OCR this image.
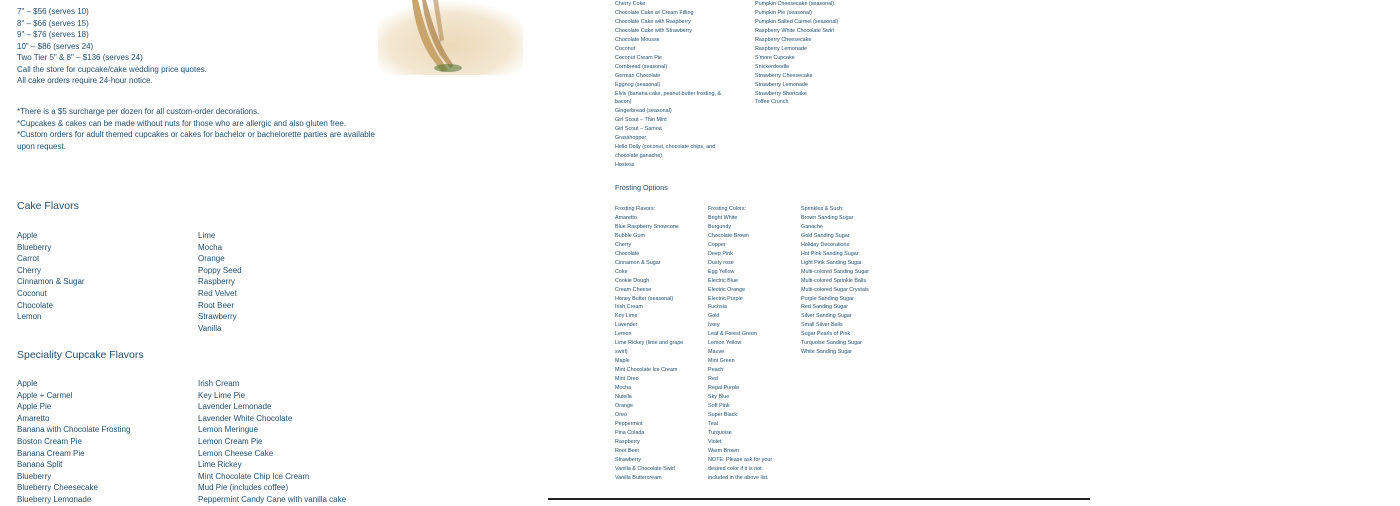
7" – $56 (serves 10)
8" – $66 (serves 15)
9" – $76 (serves 18)
10" – $86 (serves 24)
Two Tier 5" & 8" – $136 (serves 24)
Call the store for cupcake/cake wedding price quotes.
All cake orders require 24-hour notice.

*There is a $5 surcharge per dozen for all custom-order decorations.

*Cupcakes & cakes can be made without nuts for those who are allergic and also gluten free.

*Custom orders for adult themed cupcakes or cakes for bachelor or bachelorette parties are available upon request.

Cake Flavors
Apple
Blueberry
Carrot
Cherry
Cinnamon & Sugar
Coconut
Chocolate
Lemon
Lime
Mocha
Orange
Poppy Seed
Raspberry
Red Velvet
Root Beer
Strawberry
Vanilla
Speciality Cupcake Flavors
Apple
Apple + Carmel
Apple Pie
Amaretto
Banana with Chocolate Frosting
Boston Cream Pie
Banana Cream Pie
Banana Split
Blueberry
Blueberry Cheesecake
Blueberry Lemonade
Irish Cream
Key Lime Pie
Lavender Lemonade
Lavender White Chocolate
Lemon Meringue
Lemon Cream Pie
Lemon Cheese Cake
Lime Rickey
Mint Chocolate Chip Ice Cream
Mud Pie (includes coffee)
Peppermint Candy Cane with vanilla cake
Cherry Coke
Chocolate Cake w/ Cream Filling
Chocolate Cake with Raspberry
Chocolate Cake with Strawberry
Chocolate Mousse
Coconut
Coconut Cream Pie
Cornbread (seasonal)
German Chocolate
Eggnog (seasonal)
Elvis (banana cake, peanut butter frosting, &
bacon)
Gingerbread (seasonal)
Girl Scout – Thin Mint
Girl Scout – Samoa
Grasshopper
Hello Dolly (coconut, chocolate chips, and
chocolate ganache)
Hostess
Pumpkin Cheesecake (seasonal)
Pumpkin Pie (seasonal)
Pumpkin Salted Carmel (seasonal)
Raspberry White Chocolate Swirl
Raspberry Cheesecake
Raspberry Lemonade
S'more Cupcake
Snickerdoodle
Strawberry Cheesecake
Strawberry Lemonade
Strawberry Shortcake
Toffee Crunch
Frosting Options
Frosting Flavors:
Amaretto
Blue Raspberry Snowcone
Bubble Gum
Cherry
Chocolate
Cinnamon & Sugar
Coke
Cookie Dough
Cream Cheese
Honey Butter (seasonal)
Irish Cream
Key Lime
Lavender
Lemon
Lime Rickey (lime and grape
swirl)
Maple
Mint Chocolate Ice Cream
Mint Oreo
Mocha
Nutella
Orange
Oreo
Peppermint
Pina Colada
Raspberry
Root Beer
Strawberry
Vanilla & Chocolate Swirl
Vanilla Buttercream
Frosting Colors:
Bright White
Burgundy
Chocolate Brown
Copper
Deep Pink
Dusty rose
Egg Yellow
Electric Blue
Electric Orange
Electric Purple
Fuchsia
Gold
Ivory
Leaf & Forest Green
Lemon Yellow
Mauve
Mint Green
Peach
Red
Regal Purple
Sky Blue
Soft Pink
Super Black
Teal
Turquoise
Violet
Warm Brown
NOTE: Please ask for your
desired color if it is not
included in the above list.
Sprinkles & Such:
Brown Sanding Sugar
Ganache
Gold Sanding Sugar
Holiday Decorations
Hot Pink Sanding Sugar
Light Pink Sanding Sugar
Multi-colored Sanding Sugar
Multi-colored Sprinkle Balls
Multi-colored Sugar Crystals
Purple Sanding Sugar
Red Sanding Sugar
Silver Sanding Sugar
Small Silver Balls
Sugar Pearls of Pink
Turquoise Sanding Sugar
White Sanding Sugar
